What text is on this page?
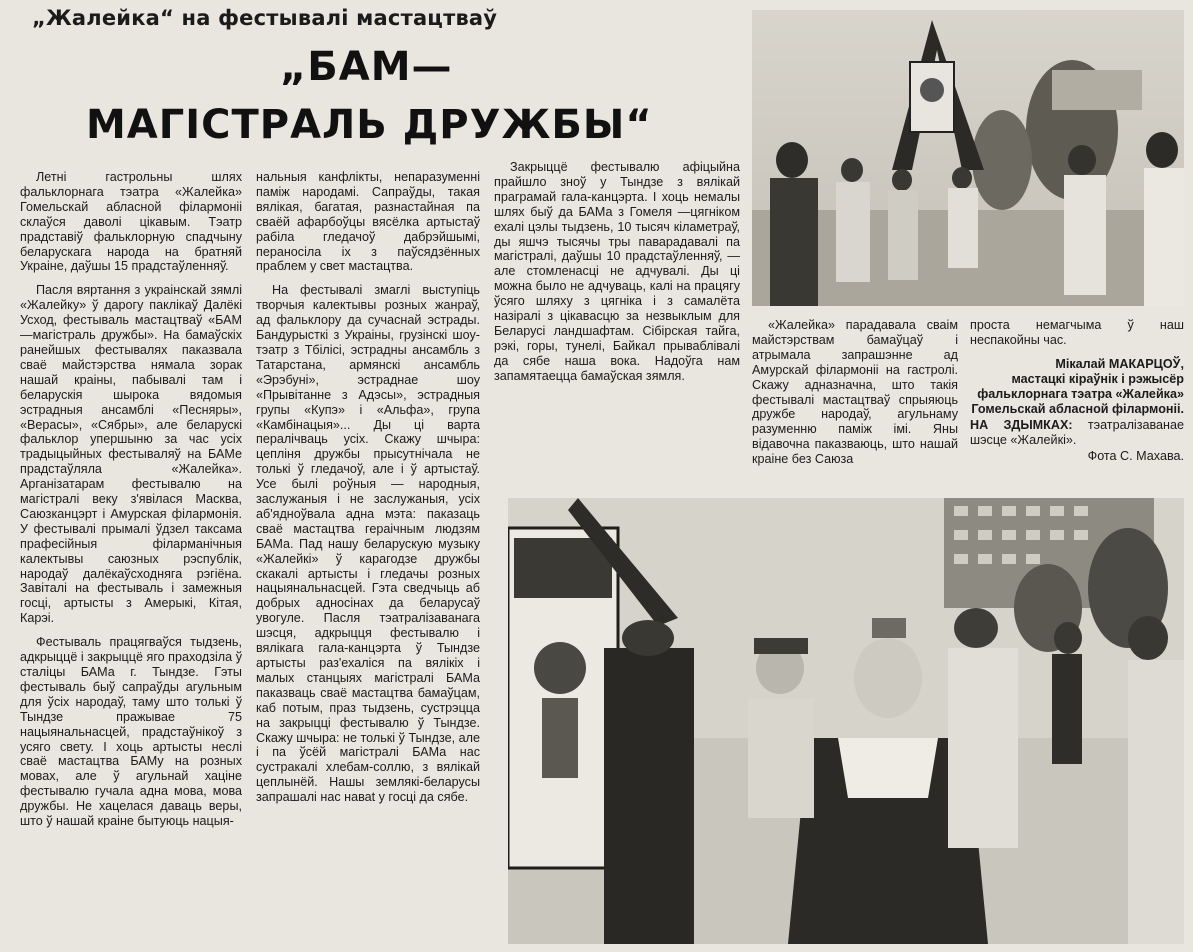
„Жалейка“ на фестывалі мастацтваў
„БАМ—
МАГІСТРАЛЬ ДРУЖБЫ“

Летні гастрольны шлях фальклорнага тэатра «Жалейка» Гомельскай абласной філармоніі склаўся даволі цікавым. Тэатр прадставіў фальклорную спадчыну беларускага народа на братняй Украіне, даўшы 15 прадстаўленняў.

Пасля вяртання з украінскай зямлі «Жалейку» ў дарогу паклікаў Далёкі Усход, фестываль мастацтваў «БАМ—магістраль дружбы». На бамаўскіх ранейшых фестывалях паказвала сваё майстэрства нямала зорак нашай краіны, пабывалі там і беларускія шырока вядомыя эстрадныя ансамблі «Песняры», «Верасы», «Сябры», але беларускі фальклор упершыню за час усіх традыцыйных фестываляў на БАМе прадстаўляла «Жалейка». Арганізатарам фестывалю на магістралі веку з'явілася Масква, Саюзканцэрт і Амурская філармонія. У фестывалі прымалі ўдзел таксама прафесійныя філарманічныя калектывы саюзных рэспублік, народаў далёкаўсходняга рэгіёна. Завіталі на фестываль і замежныя госці, артысты з Амерыкі, Кітая, Карэі.

Фестываль працягваўся тыдзень, адкрыццё і закрыццё яго праходзіла ў сталіцы БАМа г. Тындзе. Гэты фестываль быў сапраўды агульным для ўсіх народаў, таму што толькі ў Тындзе пражывае 75 нацыянальнасцей, прадстаўнікоў з усяго свету. І хоць артысты неслі сваё мастацтва БАМу на розных мовах, але ў агульнай хаціне фестывалю гучала адна мова, мова дружбы. Не хацелася даваць веры, што ў нашай краіне бытуюць нацыя-

нальныя канфлікты, непаразуменні паміж народамі. Сапраўды, такая вялікая, багатая, разнастайная па сваёй афарбоўцы вясёлка артыстаў рабіла гледачоў дабрэйшымі, пераносіла іх з паўсядзённых праблем у свет мастацтва.

На фестывалі змаглі выступіць творчыя калектывы розных жанраў, ад фальклору да сучаснай эстрады. Бандурысткі з Украіны, грузінскі шоу-тэатр з Тбілісі, эстрадны ансамбль з Татарстана, армянскі ансамбль «Эрэбуні», эстраднае шоу «Прывітанне з Адэсы», эстрадныя групы «Купэ» і «Альфа», група «Камбінацыя»... Ды ці варта пералічваць усіх. Скажу шчыра: цепліня дружбы прысутнічала не толькі ў гледачоў, але і ў артыстаў. Усе былі роўныя — народныя, заслужаныя і не заслужаныя, усіх аб'ядноўвала адна мэта: паказаць сваё мастацтва герaічным людзям БАМа. Пад нашу беларускую музыку «Жалейкі» ў карагодзе дружбы скакалі артысты і гледачы розных нацыянальнасцей. Гэта сведчыць аб добрых адносінах да беларусаў увогуле. Пасля тэатралізаванага шэсця, адкрыцця фестывалю і вялікага гала-канцэрта ў Тындзе артысты раз'ехаліся па вялікіх і малых станцыях магістралі БАМа паказваць сваё мастацтва бамаўцам, каб потым, праз тыдзень, сустрэцца на закрыцці фестывалю ў Тындзе. Скажу шчыра: не толькі ў Тындзе, але і па ўсёй магістралі БАМа нас сустракалі хлебам-соллю, з вялікай цеплынёй. Нашы землякі-беларусы запрашалі нас наваt у госці да сябе.

Закрыццё фестывалю афіцыйна прайшло зноў у Тындзе з вялікай праграмай гала-канцэрта. І хоць немалы шлях быў да БАМа з Гомеля —цягніком ехалі цэлы тыдзень, 10 тысяч кіламетраў, ды яшчэ тысячы тры паварадавалі па магістралі, даўшы 10 прадстаўленняў, — але стомленасці не адчувалі. Ды ці можна было не адчуваць, калі на працягу ўсяго шляху з цягніка і з самалёта назіралі з цікавасцю за незвыклым для Беларусі ландшафтам. Сібірская тайга, рэкі, горы, тунелі, Байкал прываблівалі да сябе наша вока. Надоўга нам запамятаецца бамаўская зямля.

«Жалейка» парадавала сваім майстэрствам бамаўцаў і атрымала запрашэнне ад Амурскай філармоніі на гастролі. Скажу адназначна, што такія фестывалі мастацтваў спрыяюць дружбе народаў, агульнаму разуменню паміж імі. Яны відавочна паказваюць, што нашай краіне без Саюза

проста немагчыма ў наш неспакойны час.

Мікалай МАКАРЦОЎ,
мастацкі кіраўнік і рэжысёр фальклорнага тэатра «Жалейка» Гомельскай абласной філармоніі.
НА ЗДЫМКАХ: тэатралізаванае шэсце «Жалейкі».
Фота С. Махава.
